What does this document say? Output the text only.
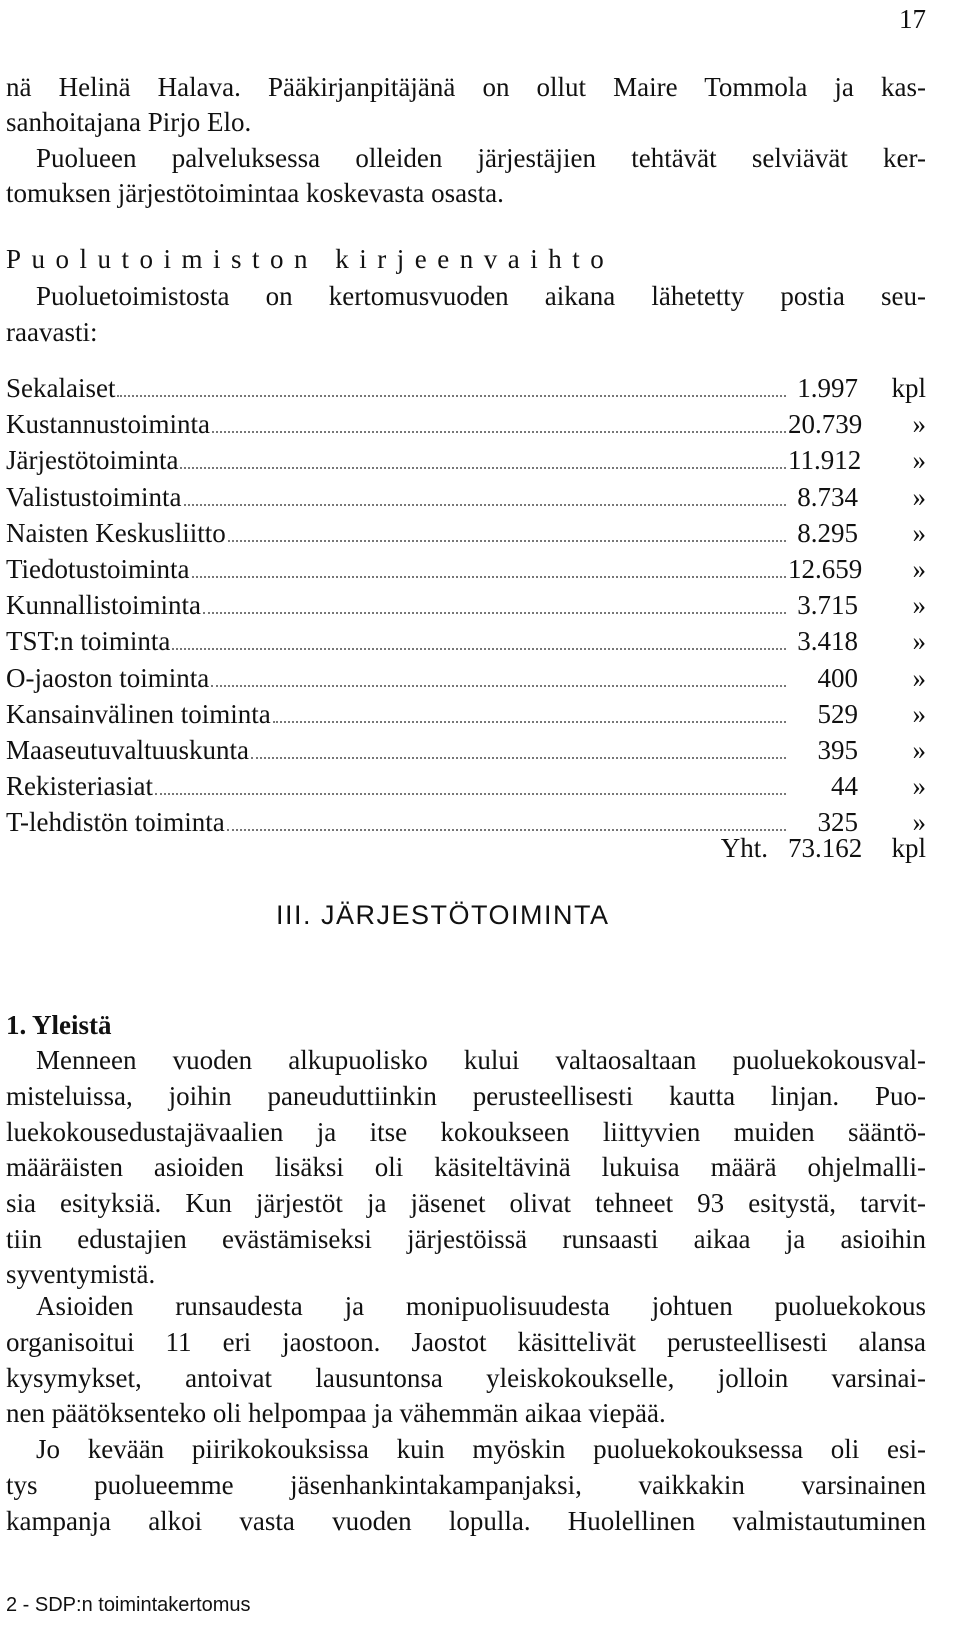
17
nä Helinä Halava. Pääkirjanpitäjänä on ollut Maire Tommola ja kas-
sanhoitajana Pirjo Elo.
Puolueen palveluksessa olleiden järjestäjien tehtävät selviävät ker-
tomuksen järjestötoimintaa koskevasta osasta.
Puolutoimiston kirjeenvaihto
Puoluetoimistosta on kertomusvuoden aikana lähetetty postia seu-
raavasti:
Sekalaiset	1.997	kpl
Kustannustoiminta	20.739	»
Järjestötoiminta	11.912	»
Valistustoiminta	8.734	»
Naisten Keskusliitto	8.295	»
Tiedotustoiminta	12.659	»
Kunnallistoiminta	3.715	»
TST:n toiminta	3.418	»
O-jaoston toiminta	400	»
Kansainvälinen toiminta	529	»
Maaseutuvaltuuskunta	395	»
Rekisteriasiat	44	»
T-lehdistön toiminta	325	»
Yht. 73.162 kpl
III. JÄRJESTÖTOIMINTA
1. Yleistä
Menneen vuoden alkupuolisko kului valtaosaltaan puoluekokousval-
misteluissa, joihin paneuduttiinkin perusteellisesti kautta linjan. Puo-
luekokousedustajävaalien ja itse kokoukseen liittyvien muiden sääntö-
määräisten asioiden lisäksi oli käsiteltävinä lukuisa määrä ohjelmalli-
sia esityksiä. Kun järjestöt ja jäsenet olivat tehneet 93 esitystä, tarvit-
tiin edustajien evästämiseksi järjestöissä runsaasti aikaa ja asioihin
syventymistä.
Asioiden runsaudesta ja monipuolisuudesta johtuen puoluekokous
organisoitui 11 eri jaostoon. Jaostot käsittelivät perusteellisesti alansa
kysymykset, antoivat lausuntonsa yleiskokoukselle, jolloin varsinai-
nen päätöksenteko oli helpompaa ja vähemmän aikaa viepää.
Jo kevään piirikokouksissa kuin myöskin puoluekokouksessa oli esi-
tys puolueemme jäsenhankintakampanjaksi, vaikkakin varsinainen
kampanja alkoi vasta vuoden lopulla. Huolellinen valmistautuminen
2 - SDP:n toimintakertomus
